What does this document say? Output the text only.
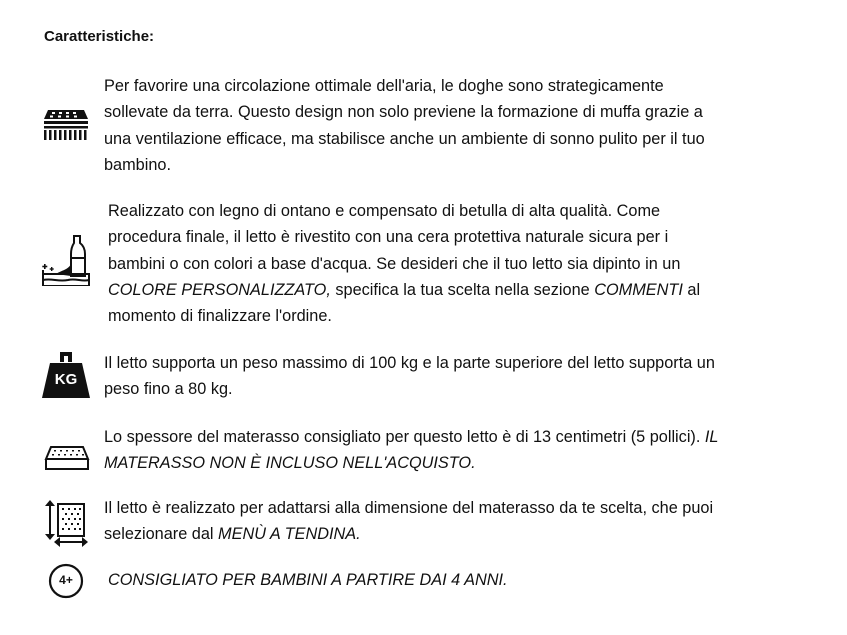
Caratteristiche:
Per favorire una circolazione ottimale dell'aria, le doghe sono strategicamente
sollevate da terra. Questo design non solo previene la formazione di muffa grazie a
una ventilazione efficace, ma stabilisce anche un ambiente di sonno pulito per il tuo
bambino.
Realizzato con legno di ontano e compensato di betulla di alta qualità. Come
procedura finale, il letto è rivestito con una cera protettiva naturale sicura per i
bambini o con colori a base d'acqua. Se desideri che il tuo letto sia dipinto in un
COLORE PERSONALIZZATO, specifica la tua scelta nella sezione COMMENTI al
momento di finalizzare l'ordine.
KG
Il letto supporta un peso massimo di 100 kg e la parte superiore del letto supporta un
peso fino a 80 kg.
Lo spessore del materasso consigliato per questo letto è di 13 centimetri (5 pollici). IL
MATERASSO NON È INCLUSO NELL'ACQUISTO.
Il letto è realizzato per adattarsi alla dimensione del materasso da te scelta, che puoi
selezionare dal MENÙ A TENDINA.
4+	CONSIGLIATO PER BAMBINI A PARTIRE DAI 4 ANNI.
